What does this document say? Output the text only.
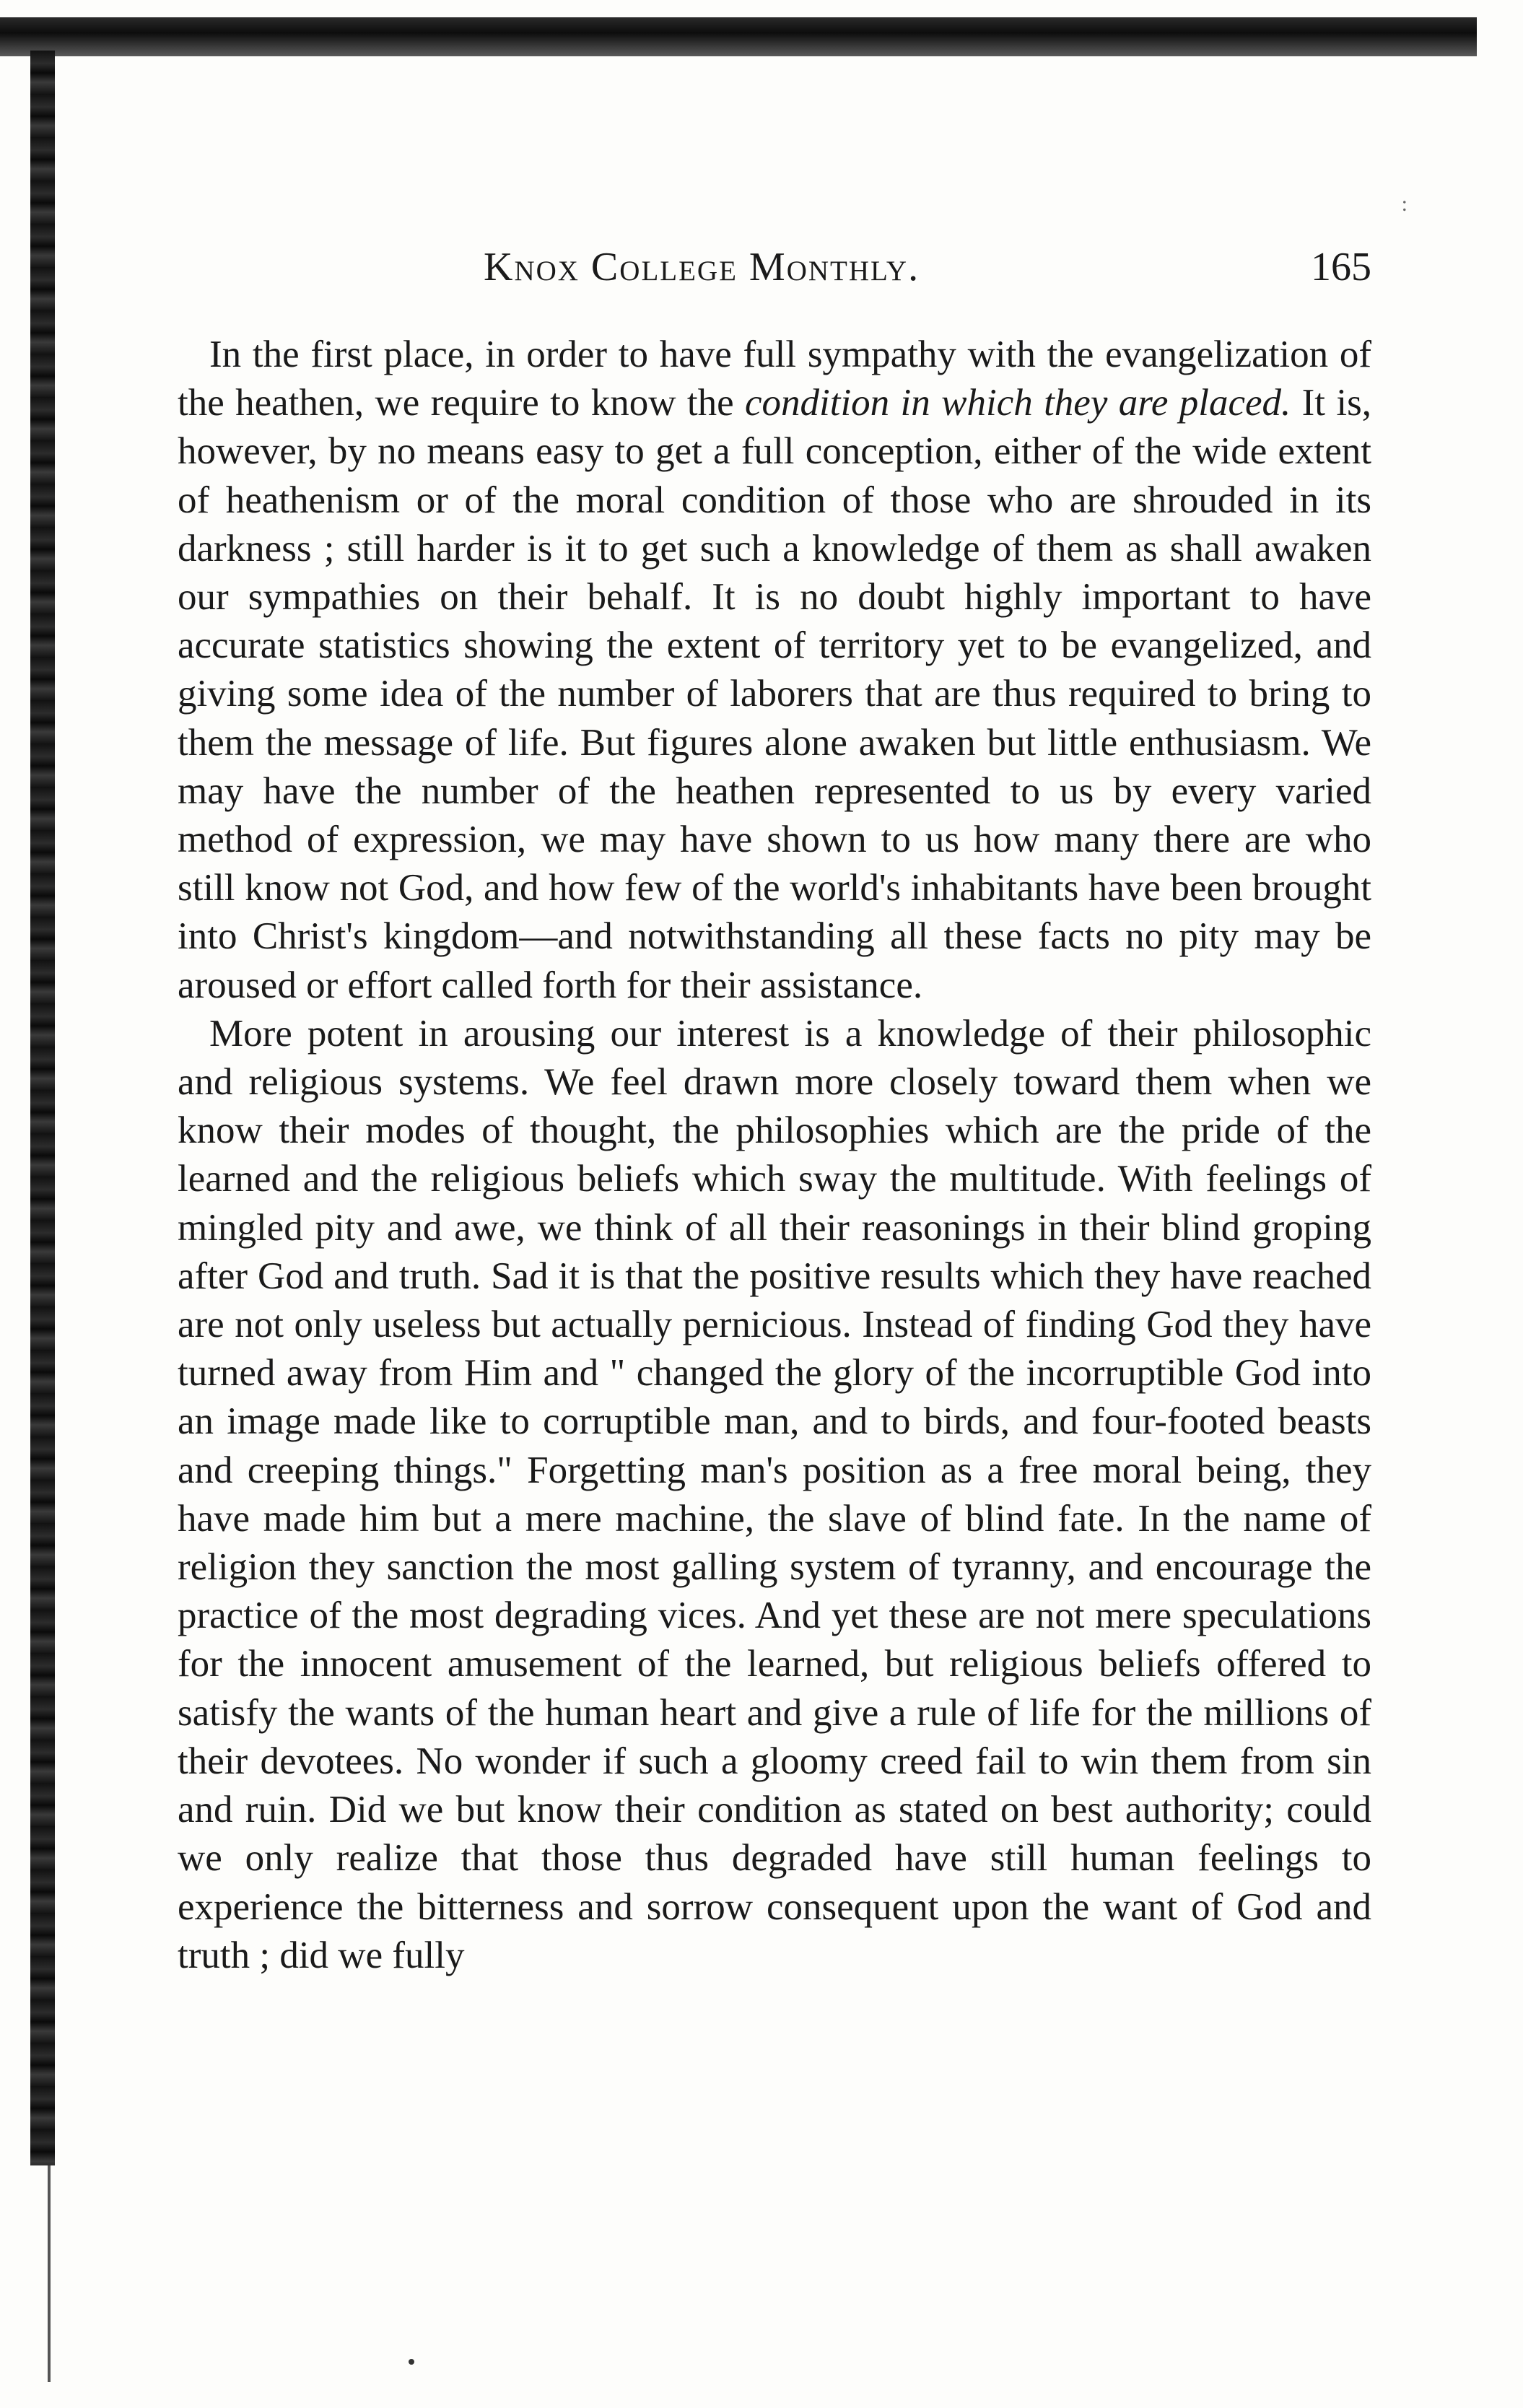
:
Knox College Monthly.	165

In the first place, in order to have full sympathy with the evangelization of the heathen, we require to know the condition in which they are placed. It is, however, by no means easy to get a full conception, either of the wide extent of heathenism or of the moral condition of those who are shrouded in its darkness ; still harder is it to get such a knowledge of them as shall awaken our sympathies on their behalf. It is no doubt highly important to have accurate statistics showing the extent of territory yet to be evangelized, and giving some idea of the number of laborers that are thus required to bring to them the message of life. But figures alone awaken but little enthusiasm. We may have the number of the heathen represented to us by every varied method of expression, we may have shown to us how many there are who still know not God, and how few of the world's inhabitants have been brought into Christ's kingdom—and notwithstanding all these facts no pity may be aroused or effort called forth for their assistance.

More potent in arousing our interest is a knowledge of their philosophic and religious systems. We feel drawn more closely toward them when we know their modes of thought, the philosophies which are the pride of the learned and the religious beliefs which sway the multitude. With feelings of mingled pity and awe, we think of all their reasonings in their blind groping after God and truth. Sad it is that the positive results which they have reached are not only useless but actually pernicious. Instead of finding God they have turned away from Him and " changed the glory of the incorruptible God into an image made like to corruptible man, and to birds, and four-footed beasts and creeping things." Forgetting man's position as a free moral being, they have made him but a mere machine, the slave of blind fate. In the name of religion they sanction the most galling system of tyranny, and encourage the practice of the most degrading vices. And yet these are not mere speculations for the innocent amusement of the learned, but religious beliefs offered to satisfy the wants of the human heart and give a rule of life for the millions of their devotees. No wonder if such a gloomy creed fail to win them from sin and ruin. Did we but know their condition as stated on best authority; could we only realize that those thus degraded have still human feelings to experience the bitterness and sorrow consequent upon the want of God and truth ; did we fully
